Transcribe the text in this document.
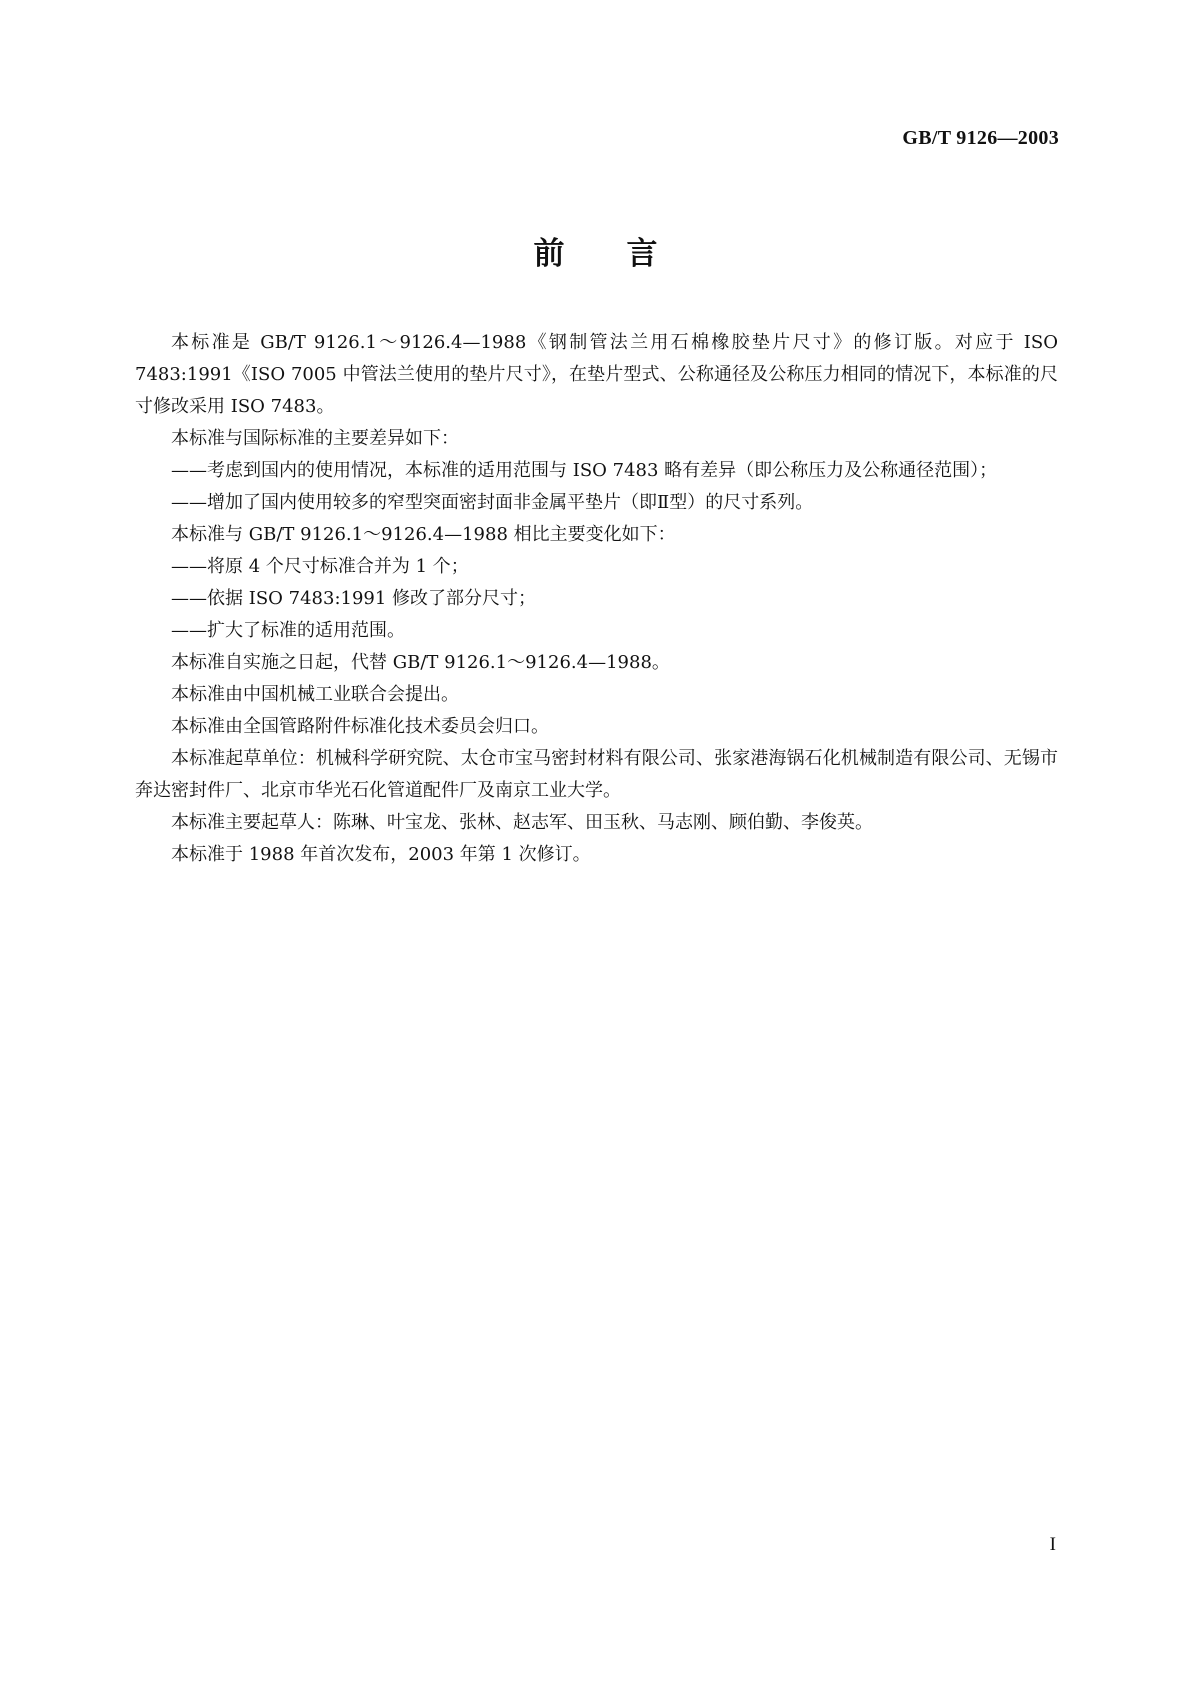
GB/T 9126—2003
前言

本标准是 GB/T 9126.1～9126.4—1988《钢制管法兰用石棉橡胶垫片尺寸》的修订版。对应于 ISO 7483:1991《ISO 7005 中管法兰使用的垫片尺寸》，在垫片型式、公称通径及公称压力相同的情况下，本标准的尺寸修改采用 ISO 7483。

本标准与国际标准的主要差异如下：

——考虑到国内的使用情况，本标准的适用范围与 ISO 7483 略有差异（即公称压力及公称通径范围）；

——增加了国内使用较多的窄型突面密封面非金属平垫片（即Ⅱ型）的尺寸系列。

本标准与 GB/T 9126.1～9126.4—1988 相比主要变化如下：

——将原 4 个尺寸标准合并为 1 个；

——依据 ISO 7483:1991 修改了部分尺寸；

——扩大了标准的适用范围。

本标准自实施之日起，代替 GB/T 9126.1～9126.4—1988。

本标准由中国机械工业联合会提出。

本标准由全国管路附件标准化技术委员会归口。

本标准起草单位：机械科学研究院、太仓市宝马密封材料有限公司、张家港海锅石化机械制造有限公司、无锡市奔达密封件厂、北京市华光石化管道配件厂及南京工业大学。

本标准主要起草人：陈琳、叶宝龙、张林、赵志军、田玉秋、马志刚、顾伯勤、李俊英。

本标准于 1988 年首次发布，2003 年第 1 次修订。

I
